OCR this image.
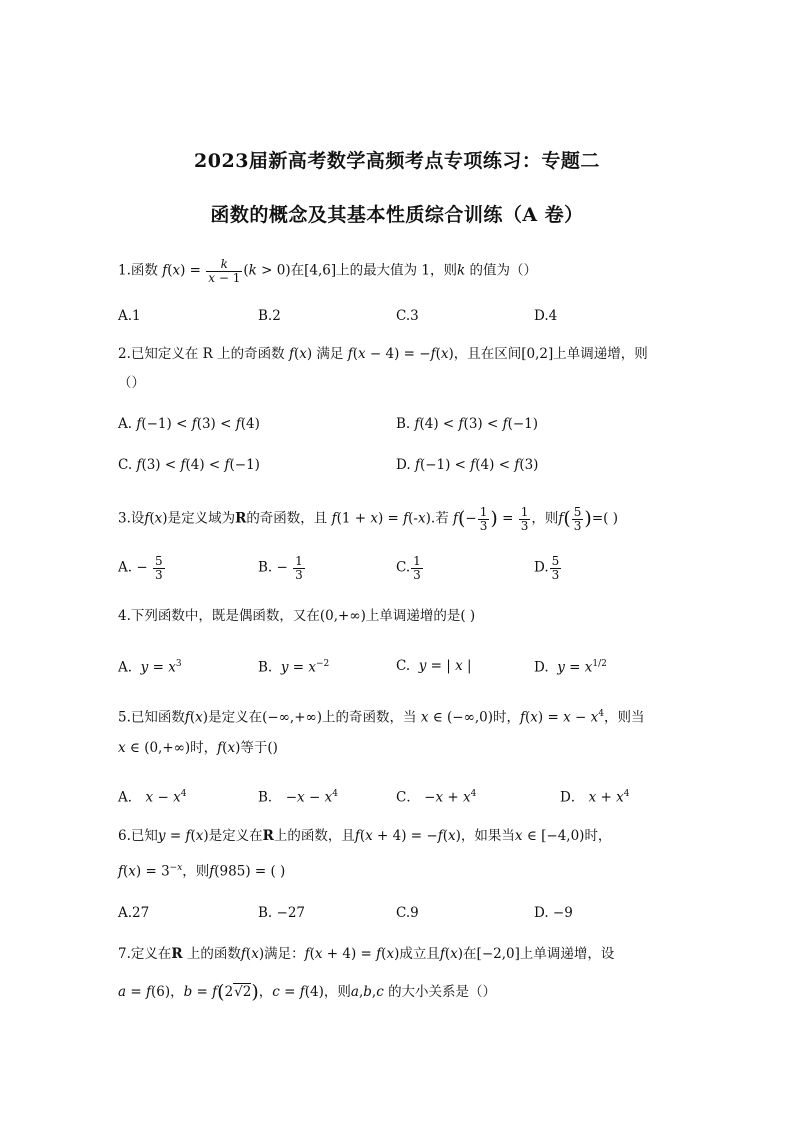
2023届新高考数学高频考点专项练习：专题二
函数的概念及其基本性质综合训练（A 卷）
1.函数 $f(x) = \frac{k}{x - 1} (k > 0)$在[4,6]上的最大值为 1，则k 的值为（）
A.1	B.2	C.3	D.4
2.已知定义在 R 上的奇函数 f(x) 满足 f(x − 4) = −f(x)，且在区间[0,2]上单调递增，则
（）
A. f(−1) < f(3) < f(4)	B. f(4) < f(3) < f(−1)
C. f(3) < f(4) < f(−1)	D. f(−1) < f(4) < f(3)
3.设f(x)是定义域为R的奇函数，且 f(1 + x) = f(-x).若 $f(- \frac{1}{3}$ ) = $\frac{1}{3}$ ，则$f( \frac{5}{3}$ )=( )
A. − $\frac{5}{3}$	B. − $\frac{1}{3}$	C. $\frac{1}{3}$	D. $\frac{5}{3}$
4.下列函数中，既是偶函数，又在(0,+∞)上单调递增的是( )
A. $y = x^3$	B. $y = x^{-2}$	C. y = | x |	D. $y = x^{1/2}$
5.已知函数f(x)是定义在(−∞,+∞)上的奇函数，当 x ∈ (−∞,0)时，$f(x) = x - x^4$，则当
x ∈ (0,+∞)时，f(x)等于()
A． $x - x^4$	B． $-x - x^4$	C． $-x + x^4$	D． $x + x^4$
6.已知y = f(x)是定义在R上的函数，且f(x + 4) = −f(x)，如果当x ∈ [−4,0)时，
$f(x) = 3^{-x}$，则f(985) = ( )
A.27	B. −27	C.9	D. −9
7.定义在R 上的函数f(x)满足：f(x + 4) = f(x)成立且f(x)在[−2,0]上单调递增，设
a = f(6)，b = f(2√2)，c = f(4)，则a,b,c 的大小关系是（）
